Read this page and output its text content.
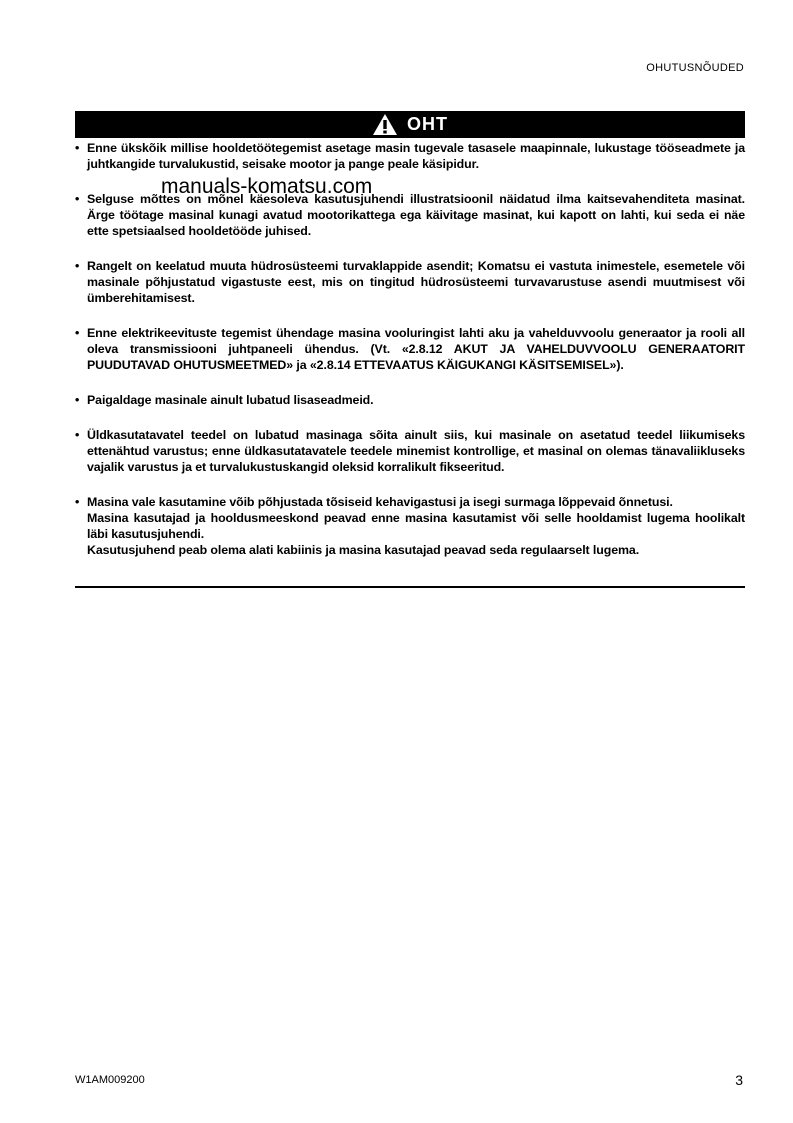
OHUTUSNÕUDED
OHT
• Enne ükskõik millise hooldetöötegemist asetage masin tugevale tasasele maapinnale, lukustage tööseadmete ja juhtkangide turvalukustid, seisake mootor ja pange peale käsipidur.

• Selguse mõttes on mõnel käesoleva kasutusjuhendi illustratsioonil näidatud ilma kaitsevahenditeta masinat. Ärge töötage masinal kunagi avatud mootorikattega ega käivitage masinat, kui kapott on lahti, kui seda ei näe ette spetsiaalsed hooldetööde juhised.

• Rangelt on keelatud muuta hüdrosüsteemi turvaklappide asendit; Komatsu ei vastuta inimestele, esemetele või masinale põhjustatud vigastuste eest, mis on tingitud hüdrosüsteemi turvavarustuse asendi muutmisest või ümberehitamisest.

• Enne elektrikeevituste tegemist ühendage masina vooluringist lahti aku ja vahelduvvoolu generaator ja rooli all oleva transmissiooni juhtpaneeli ühendus. (Vt. «2.8.12 AKUT JA VAHELDUVVOOLU GENERAATORIT PUUDUTAVAD OHUTUSMEETMED» ja «2.8.14 ETTEVAATUS KÄIGUKANGI KÄSITSEMISEL»).

• Paigaldage masinale ainult lubatud lisaseadmeid.

• Üldkasutatavatel teedel on lubatud masinaga sõita ainult siis, kui masinale on asetatud teedel liikumiseks ettenähtud varustus; enne üldkasutatavatele teedele minemist kontrollige, et masinal on olemas tänavaliikluseks vajalik varustus ja et turvalukustuskangid oleksid korralikult fikseeritud.

• Masina vale kasutamine võib põhjustada tõsiseid kehavigastusi ja isegi surmaga lõppevaid õnnetusi.

Masina kasutajad ja hooldusmeeskond peavad enne masina kasutamist või selle hooldamist lugema hoolikalt läbi kasutusjuhendi.

Kasutusjuhend peab olema alati kabiinis ja masina kasutajad peavad seda regulaarselt lugema.

manuals-komatsu.com
W1AM009200	3
